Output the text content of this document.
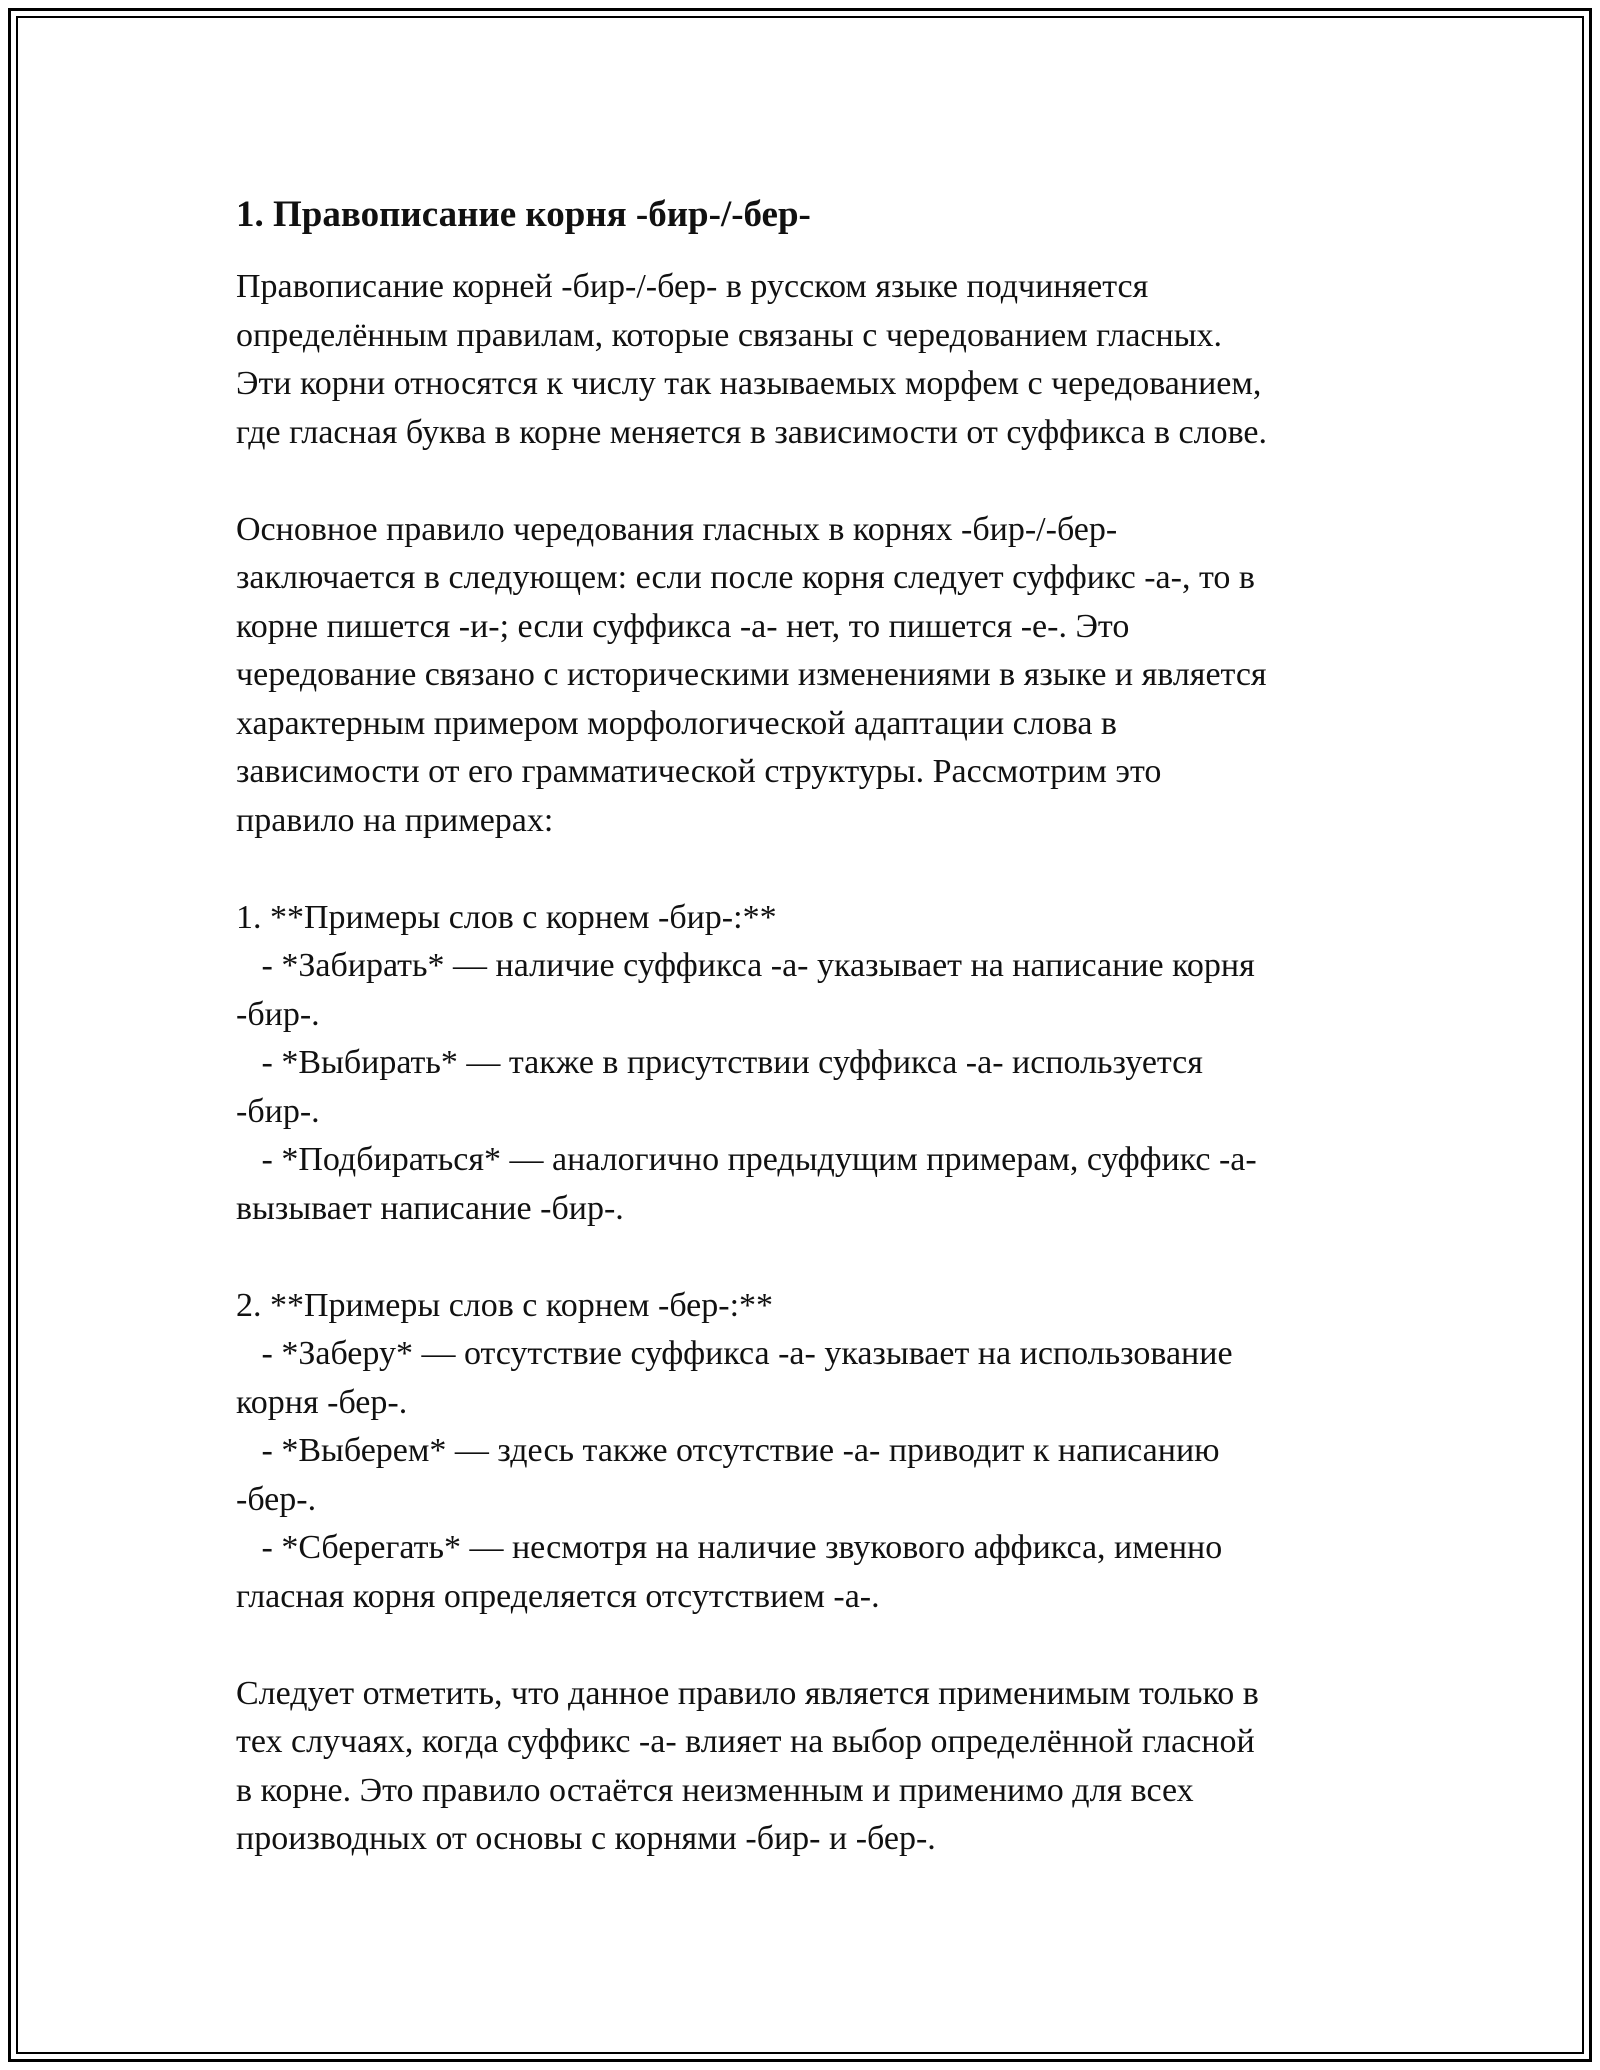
1. Правописание корня -бир-/-бер-
Правописание корней -бир-/-бер- в русском языке подчиняется
определённым правилам, которые связаны с чередованием гласных.
Эти корни относятся к числу так называемых морфем с чередованием,
где гласная буква в корне меняется в зависимости от суффикса в слове.
Основное правило чередования гласных в корнях -бир-/-бер-
заключается в следующем: если после корня следует суффикс -а-, то в
корне пишется -и-; если суффикса -а- нет, то пишется -е-. Это
чередование связано с историческими изменениями в языке и является
характерным примером морфологической адаптации слова в
зависимости от его грамматической структуры. Рассмотрим это
правило на примерах:
1. **Примеры слов с корнем -бир-:**
- *Забирать* — наличие суффикса -а- указывает на написание корня
-бир-.
- *Выбирать* — также в присутствии суффикса -а- используется
-бир-.
- *Подбираться* — аналогично предыдущим примерам, суффикс -а-
вызывает написание -бир-.
2. **Примеры слов с корнем -бер-:**
- *Заберу* — отсутствие суффикса -а- указывает на использование
корня -бер-.
- *Выберем* — здесь также отсутствие -а- приводит к написанию
-бер-.
- *Сберегать* — несмотря на наличие звукового аффикса, именно
гласная корня определяется отсутствием -а-.
Следует отметить, что данное правило является применимым только в
тех случаях, когда суффикс -а- влияет на выбор определённой гласной
в корне. Это правило остаётся неизменным и применимо для всех
производных от основы с корнями -бир- и -бер-.
